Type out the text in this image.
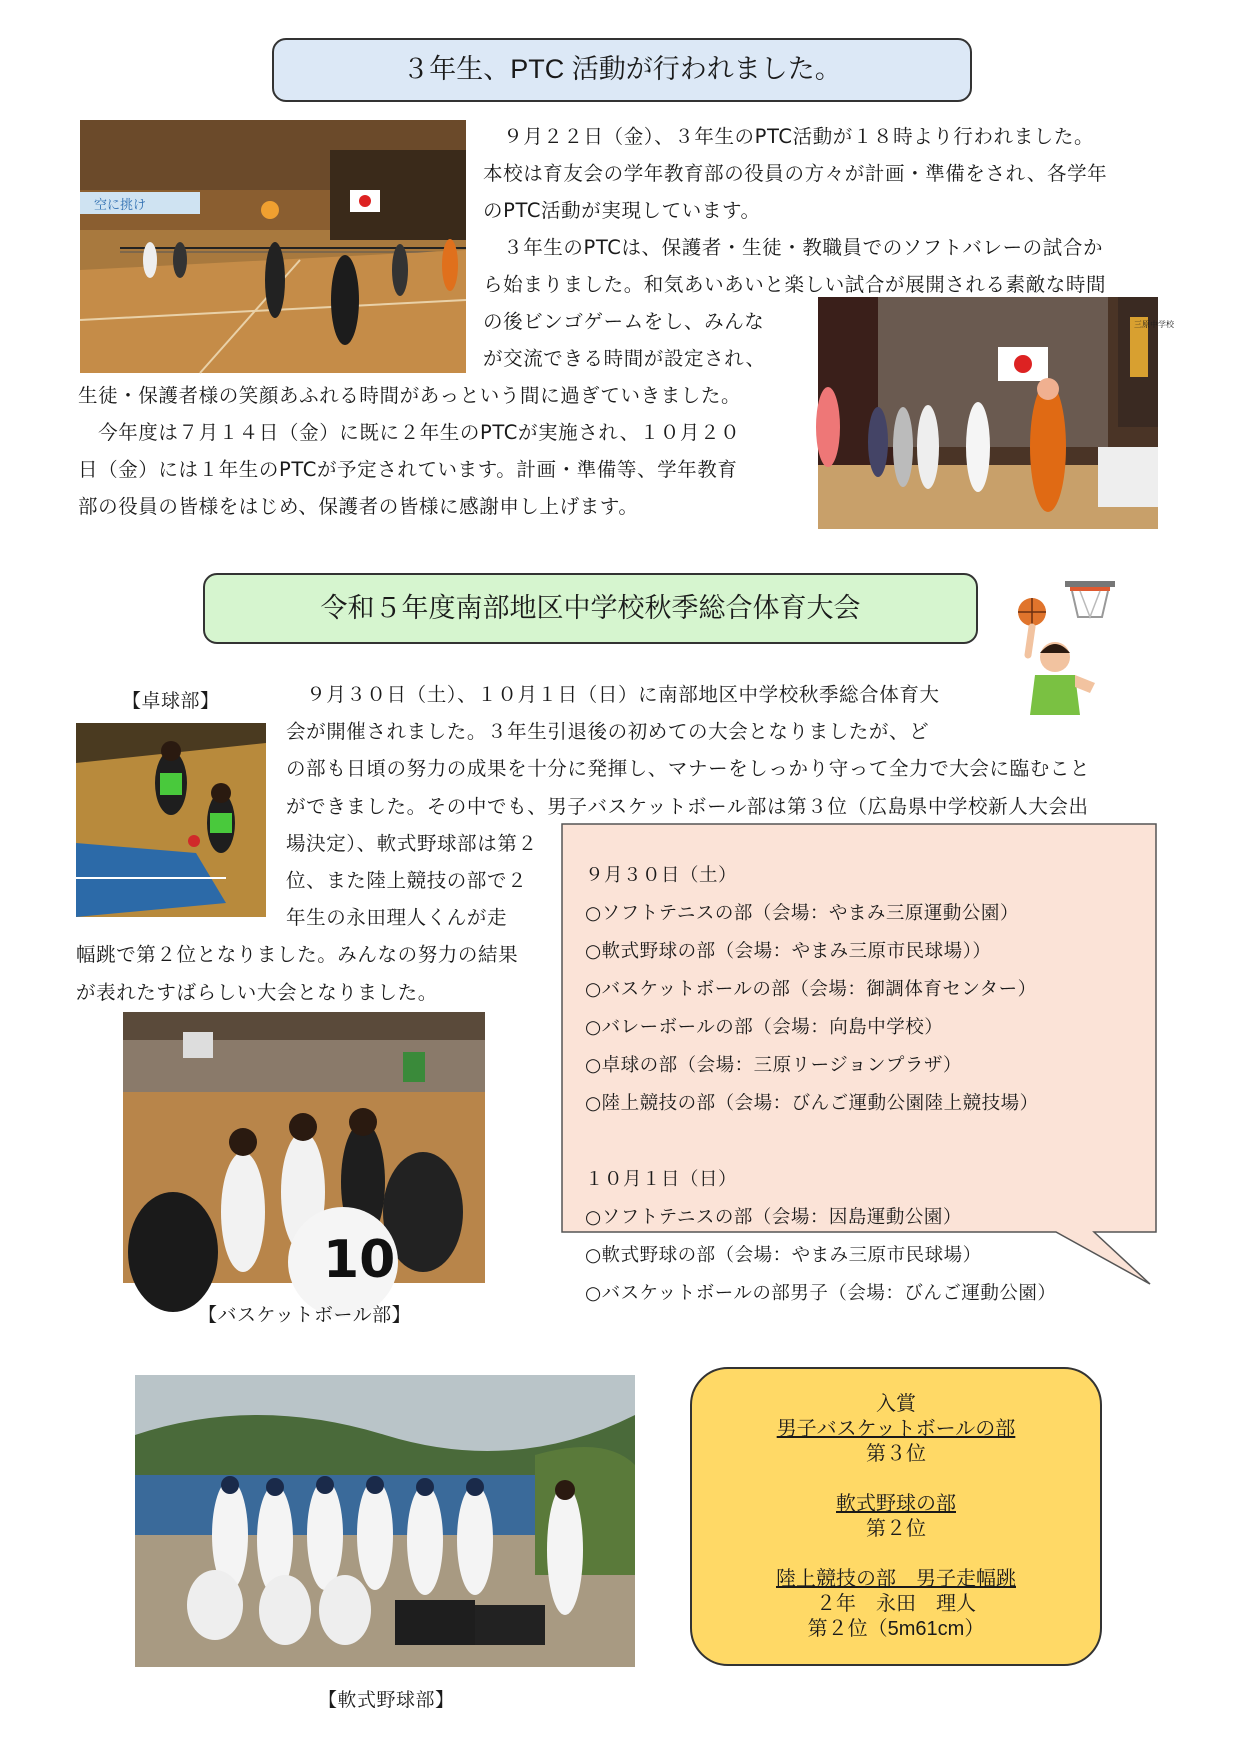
３年生、PTC 活動が行われました。
空に挑け
　９月２２日（金）、３年生のPTC活動が１８時より行われました。
本校は育友会の学年教育部の役員の方々が計画・準備をされ、各学年
のPTC活動が実現しています。
　３年生のPTCは、保護者・生徒・教職員でのソフトバレーの試合か
ら始まりました。和気あいあいと楽しい試合が展開される素敵な時間
の後ビンゴゲームをし、みんな
が交流できる時間が設定され、
生徒・保護者様の笑顔あふれる時間があっという間に過ぎていきました。
　今年度は７月１４日（金）に既に２年生のPTCが実施され、１０月２０
日（金）には１年生のPTCが予定されています。計画・準備等、学年教育
部の役員の皆様をはじめ、保護者の皆様に感謝申し上げます。
三原中学校
令和５年度南部地区中学校秋季総合体育大会
【卓球部】	　９月３０日（土）、１０月１日（日）に南部地区中学校秋季総合体育大
会が開催されました。３年生引退後の初めての大会となりましたが、ど
の部も日頃の努力の成果を十分に発揮し、マナーをしっかり守って全力で大会に臨むこと
ができました。その中でも、男子バスケットボール部は第３位（広島県中学校新人大会出
場決定）、軟式野球部は第２
位、また陸上競技の部で２
年生の永田理人くんが走
幅跳で第２位となりました。みんなの努力の結果
が表れたすばらしい大会となりました。
９月３０日（土）
○ソフトテニスの部（会場：やまみ三原運動公園）
○軟式野球の部（会場：やまみ三原市民球場））
○バスケットボールの部（会場：御調体育センター）
○バレーボールの部（会場：向島中学校）
○卓球の部（会場：三原リージョンプラザ）
○陸上競技の部（会場：びんご運動公園陸上競技場）
１０月１日（日）
○ソフトテニスの部（会場：因島運動公園）
○軟式野球の部（会場：やまみ三原市民球場）
○バスケットボールの部男子（会場：びんご運動公園）
10
【バスケットボール部】
【軟式野球部】
入賞
男子バスケットボールの部
第３位
軟式野球の部
第２位
陸上競技の部　男子走幅跳
２年　永田　理人
第２位（5m61cm）
